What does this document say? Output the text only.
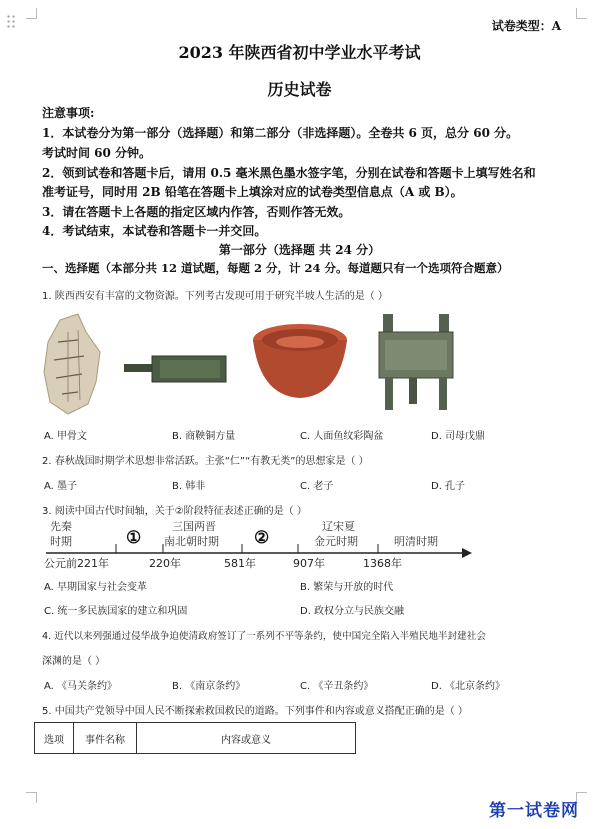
试卷类型：A
2023 年陕西省初中学业水平考试
历史试卷
注意事项:
1．本试卷分为第一部分（选择题）和第二部分（非选择题）。全卷共 6 页，总分 60 分。
考试时间 60 分钟。
2．领到试卷和答题卡后，请用 0.5 毫米黑色墨水签字笔，分别在试卷和答题卡上填写姓名和
准考证号，同时用 2B 铅笔在答题卡上填涂对应的试卷类型信息点（A 或 B）。
3．请在答题卡上各题的指定区域内作答，否则作答无效。
4．考试结束，本试卷和答题卡一并交回。
第一部分（选择题 共 24 分）
一、选择题（本部分共 12 道试题，每题 2 分，计 24 分。每道题只有一个选项符合题意）
1. 陕西西安有丰富的文物资源。下列考古发现可用于研究半坡人生活的是（ ）
A. 甲骨文	B. 商鞅铜方量	C. 人面鱼纹彩陶盆	D. 司母戊鼎
2. 春秋战国时期学术思想非常活跃。主张“仁”“有教无类”的思想家是（ ）
A. 墨子	B. 韩非	C. 老子	D. 孔子
3. 阅读中国古代时间轴，关于②阶段特征表述正确的是（ ）
先秦
时期	①
三国两晋
南北朝时期 ②
辽宋夏
金元时期	明清时期
公元前221年	220年	581年	907年	1368年
A. 早期国家与社会变革	B. 繁荣与开放的时代
C. 统一多民族国家的建立和巩固	D. 政权分立与民族交融
4. 近代以来列强通过侵华战争迫使清政府签订了一系列不平等条约，使中国完全陷入半殖民地半封建社会
深渊的是（ ）
A. 《马关条约》	B. 《南京条约》	C. 《辛丑条约》	D. 《北京条约》
5. 中国共产党领导中国人民不断探索救国救民的道路。下列事件和内容或意义搭配正确的是（ ）
选项	事件名称	内容或意义
第一试卷网
